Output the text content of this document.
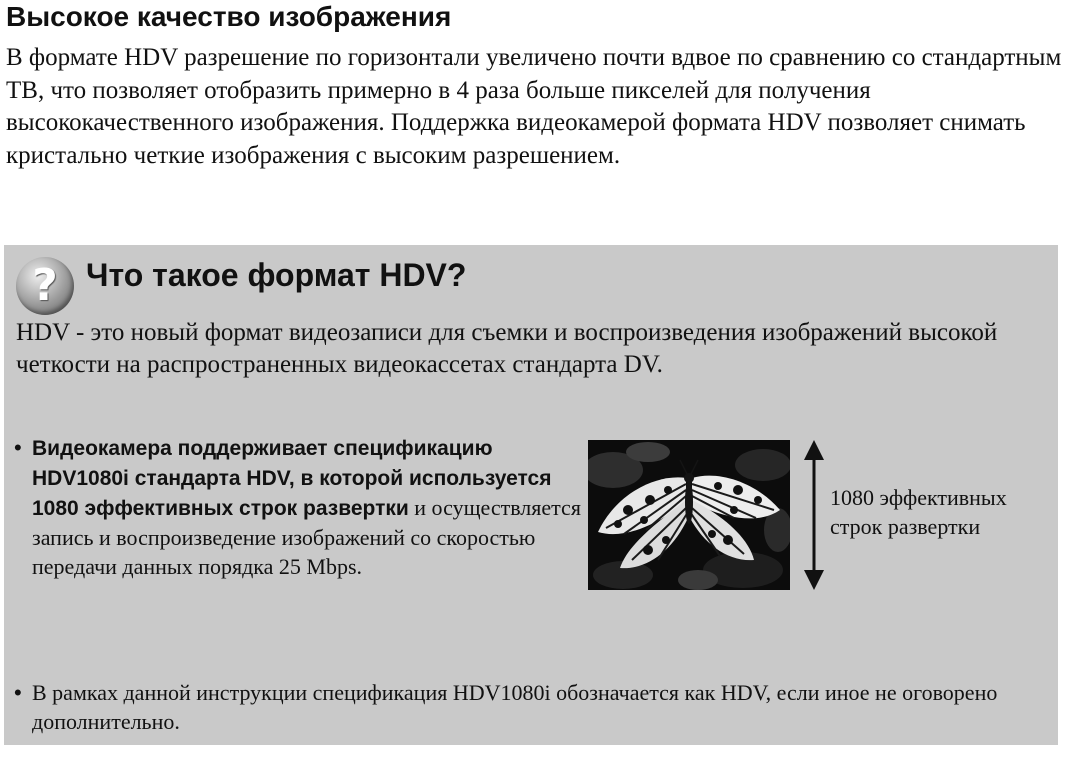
Высокое качество изображения

В формате HDV разрешение по горизонтали увеличено почти вдвое по сравнению со стандартным ТВ, что позволяет отобразить примерно в 4 раза больше пикселей для получения высококачественного изображения. Поддержка видеокамерой формата HDV позволяет снимать кристально четкие изображения с высоким разрешением.

? Что такое формат HDV?

HDV - это новый формат видеозаписи для съемки и воспроизведения изображений высокой четкости на распространенных видеокассетах стандарта DV.

• Видеокамера поддерживает спецификацию HDV1080i стандарта HDV, в которой используется 1080 эффективных строк развертки и осуществляется запись и воспроизведение изображений со скоростью передачи данных порядка 25 Mbps.

1080 эффективных строк развертки

• В рамках данной инструкции спецификация HDV1080i обозначается как HDV, если иное не оговорено дополнительно.
